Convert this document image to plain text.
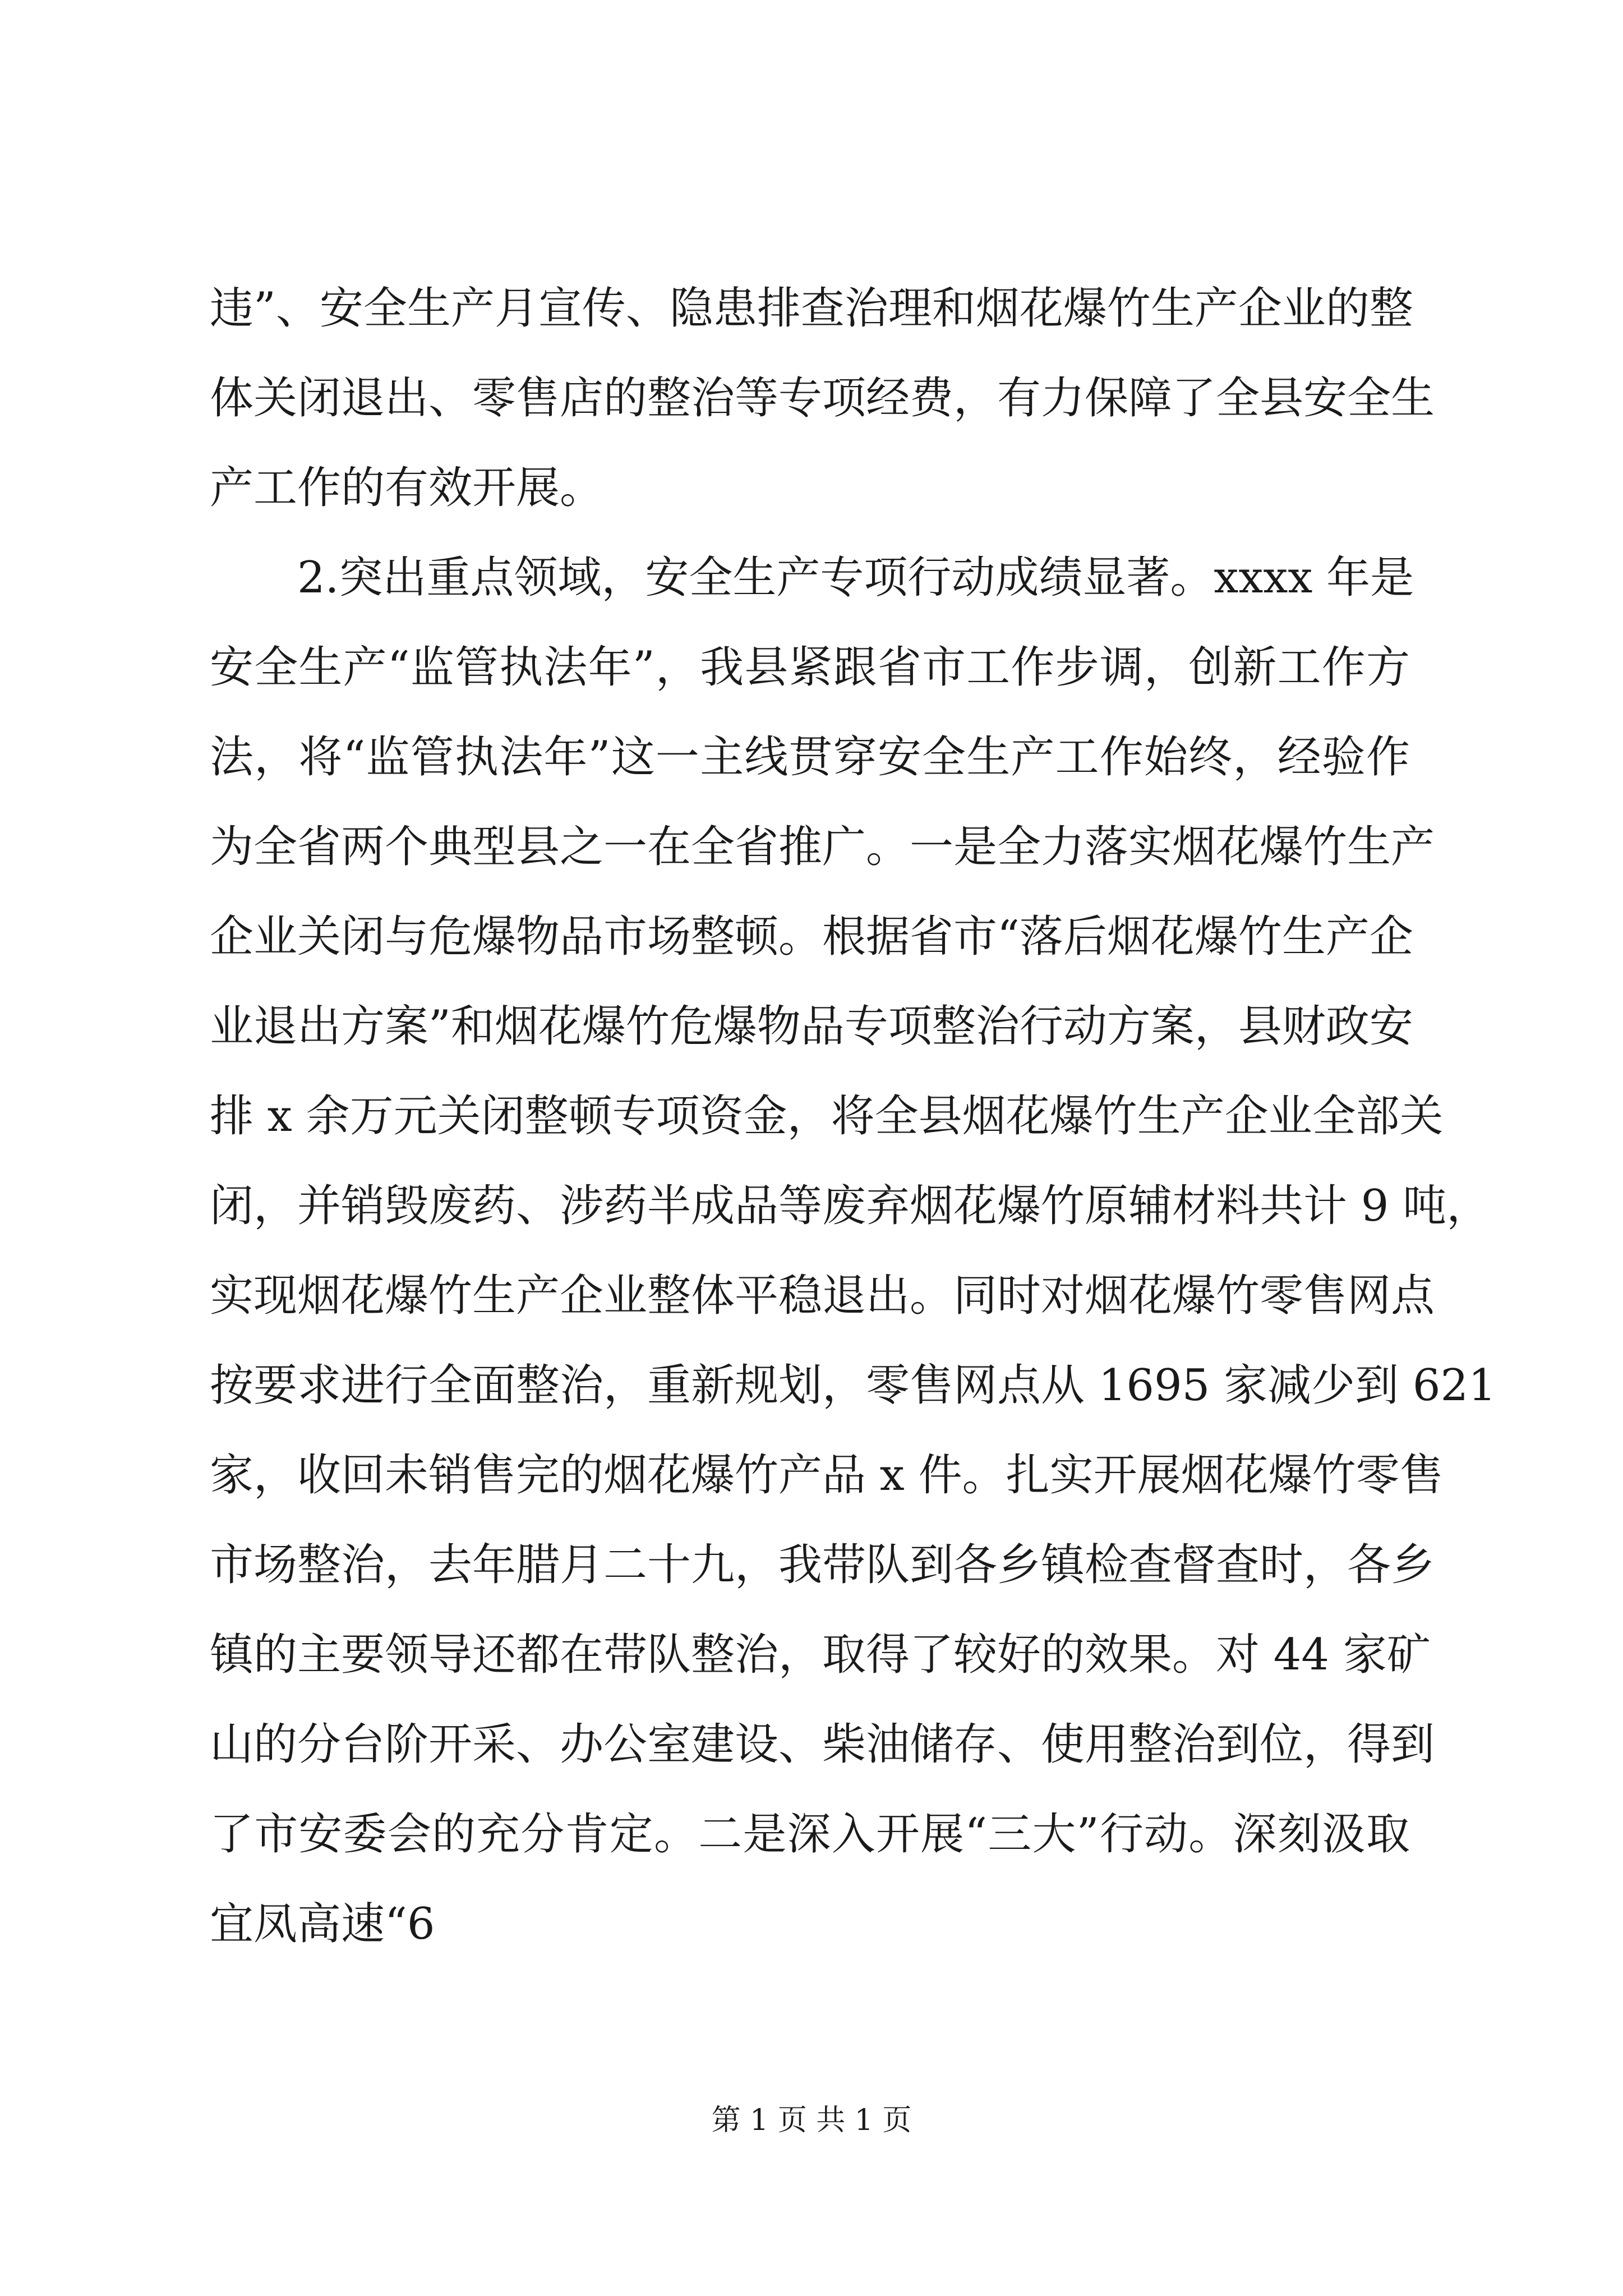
违”、安全生产月宣传、隐患排查治理和烟花爆竹生产企业的整
体关闭退出、零售店的整治等专项经费，有力保障了全县安全生
产工作的有效开展。
2.突出重点领域，安全生产专项行动成绩显著。xxxx 年是
安全生产“监管执法年”，我县紧跟省市工作步调，创新工作方
法，将“监管执法年”这一主线贯穿安全生产工作始终，经验作
为全省两个典型县之一在全省推广。一是全力落实烟花爆竹生产
企业关闭与危爆物品市场整顿。根据省市“落后烟花爆竹生产企
业退出方案”和烟花爆竹危爆物品专项整治行动方案，县财政安
排 x 余万元关闭整顿专项资金，将全县烟花爆竹生产企业全部关
闭，并销毁废药、涉药半成品等废弃烟花爆竹原辅材料共计 9 吨，
实现烟花爆竹生产企业整体平稳退出。同时对烟花爆竹零售网点
按要求进行全面整治，重新规划，零售网点从 1695 家减少到 621
家，收回未销售完的烟花爆竹产品 x 件。扎实开展烟花爆竹零售
市场整治，去年腊月二十九，我带队到各乡镇检查督查时，各乡
镇的主要领导还都在带队整治，取得了较好的效果。对 44 家矿
山的分台阶开采、办公室建设、柴油储存、使用整治到位，得到
了市安委会的充分肯定。二是深入开展“三大”行动。深刻汲取
宜凤高速“6
第 1 页 共 1 页
